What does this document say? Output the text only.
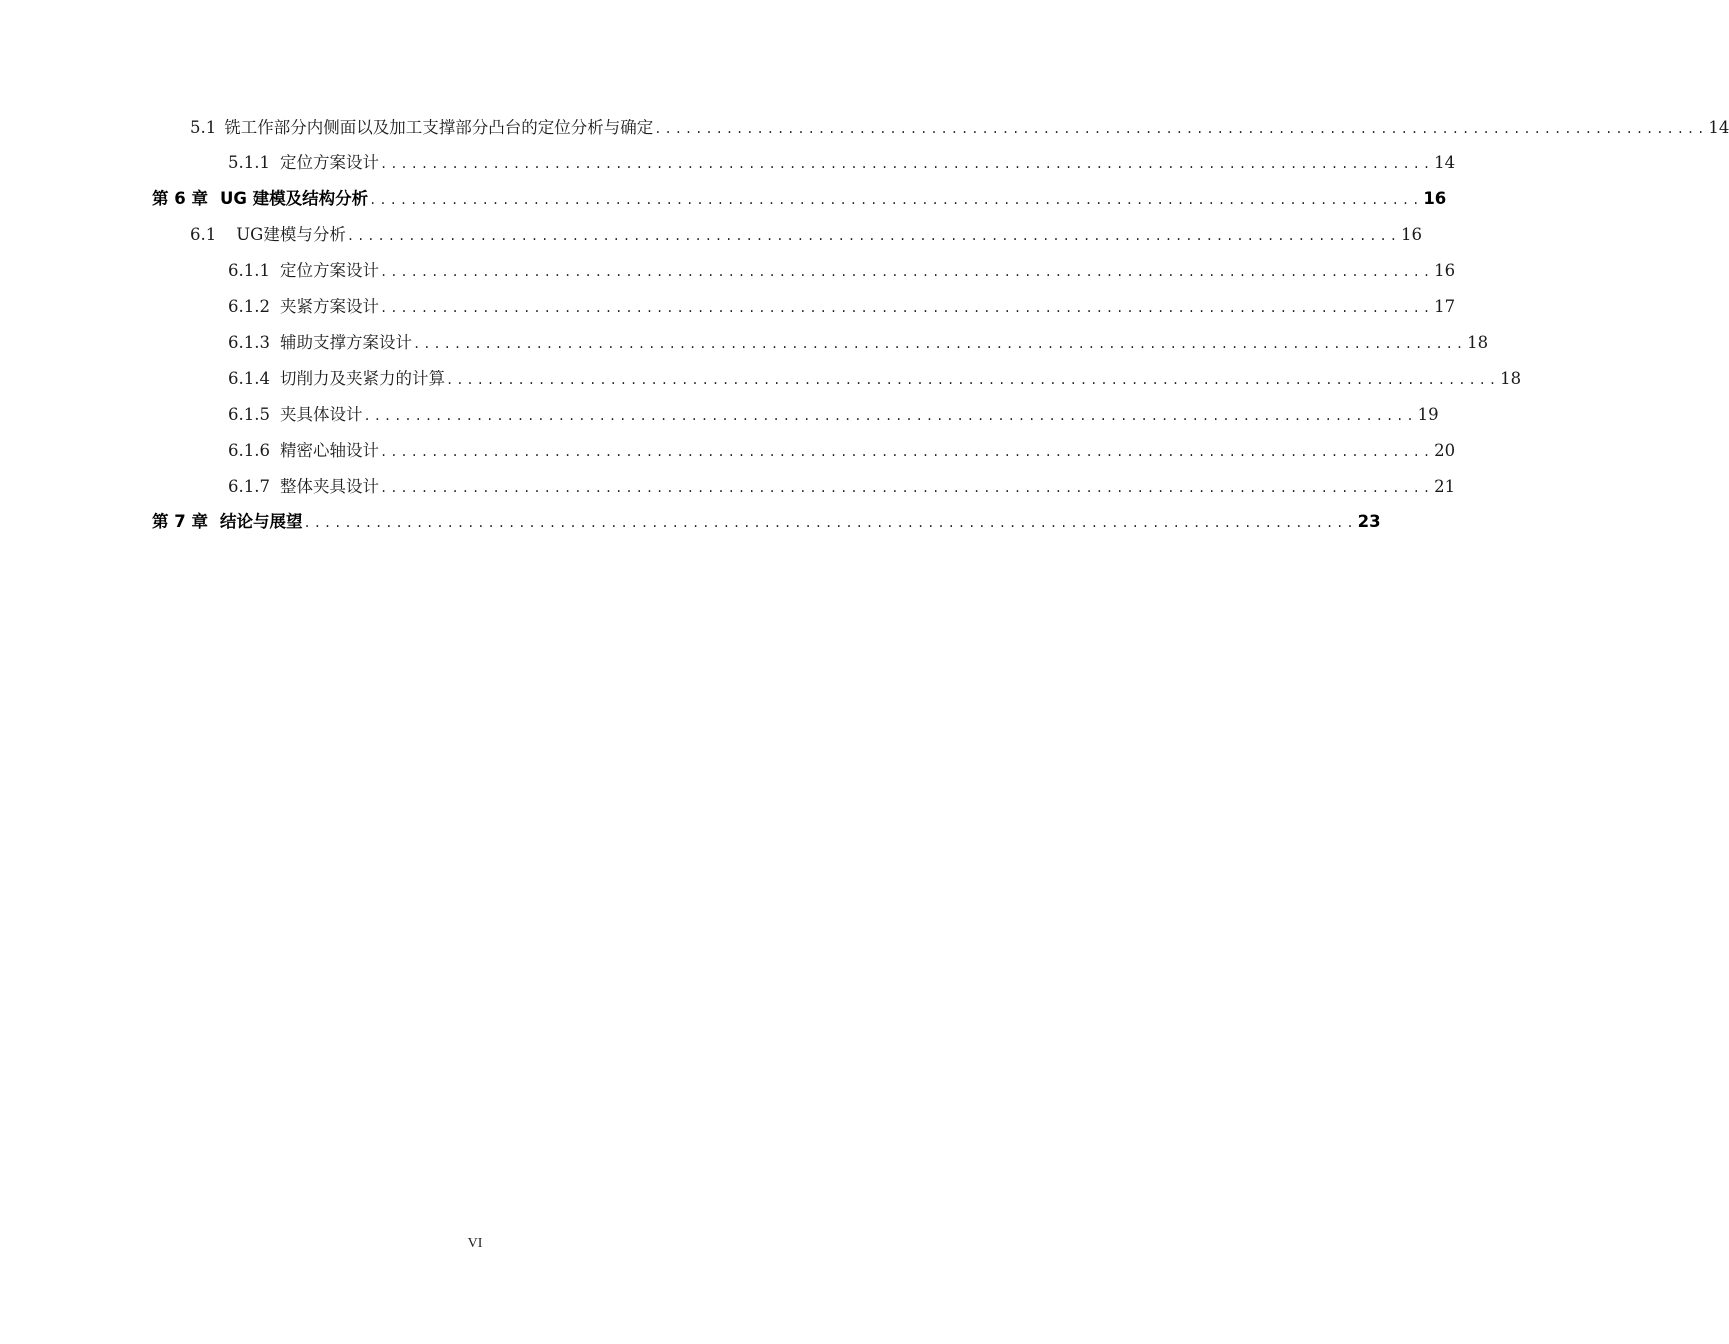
5.1 铣工作部分内侧面以及加工支撑部分凸台的定位分析与确定 ....................................................................................................... 14
5.1.1 定位方案设计 ....................................................................................................... 14
第 6 章 UG 建模及结构分析 ....................................................................................................... 16
6.1 UG建模与分析 ....................................................................................................... 16
6.1.1 定位方案设计 ....................................................................................................... 16
6.1.2 夹紧方案设计 ....................................................................................................... 17
6.1.3 辅助支撑方案设计 ....................................................................................................... 18
6.1.4 切削力及夹紧力的计算 ....................................................................................................... 18
6.1.5 夹具体设计 ....................................................................................................... 19
6.1.6 精密心轴设计 ....................................................................................................... 20
6.1.7 整体夹具设计 ....................................................................................................... 21
第 7 章 结论与展望 ....................................................................................................... 23
VI
